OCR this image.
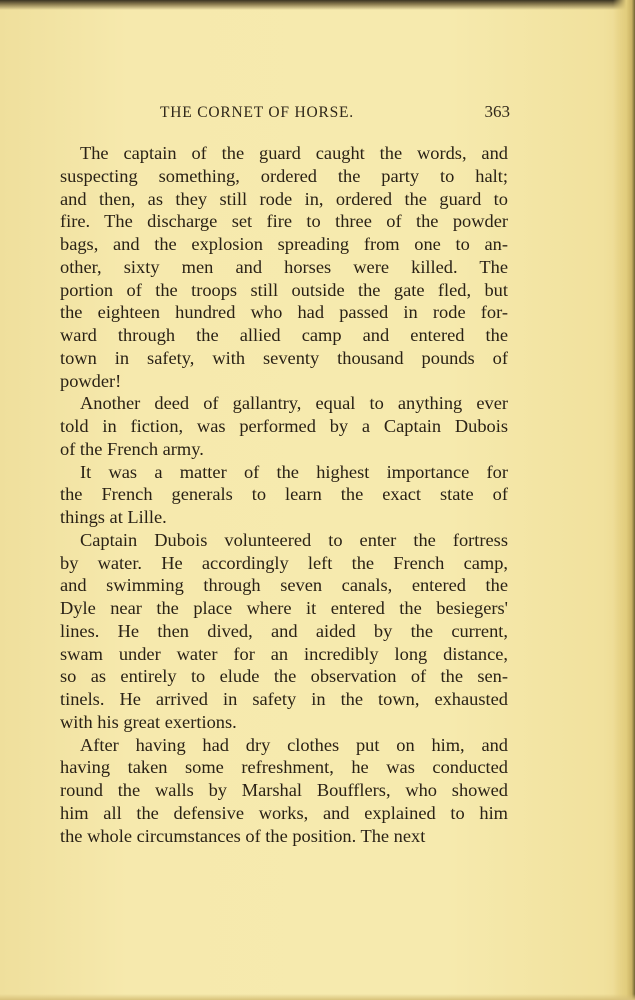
THE CORNET OF HORSE.	363
The captain of the guard caught the words, and
suspecting something, ordered the party to halt;
and then, as they still rode in, ordered the guard to
fire. The discharge set fire to three of the powder
bags, and the explosion spreading from one to an-
other, sixty men and horses were killed. The
portion of the troops still outside the gate fled, but
the eighteen hundred who had passed in rode for-
ward through the allied camp and entered the
town in safety, with seventy thousand pounds of
powder!
Another deed of gallantry, equal to anything ever
told in fiction, was performed by a Captain Dubois
of the French army.
It was a matter of the highest importance for
the French generals to learn the exact state of
things at Lille.
Captain Dubois volunteered to enter the fortress
by water. He accordingly left the French camp,
and swimming through seven canals, entered the
Dyle near the place where it entered the besiegers'
lines. He then dived, and aided by the current,
swam under water for an incredibly long distance,
so as entirely to elude the observation of the sen-
tinels. He arrived in safety in the town, exhausted
with his great exertions.
After having had dry clothes put on him, and
having taken some refreshment, he was conducted
round the walls by Marshal Boufflers, who showed
him all the defensive works, and explained to him
the whole circumstances of the position. The next
